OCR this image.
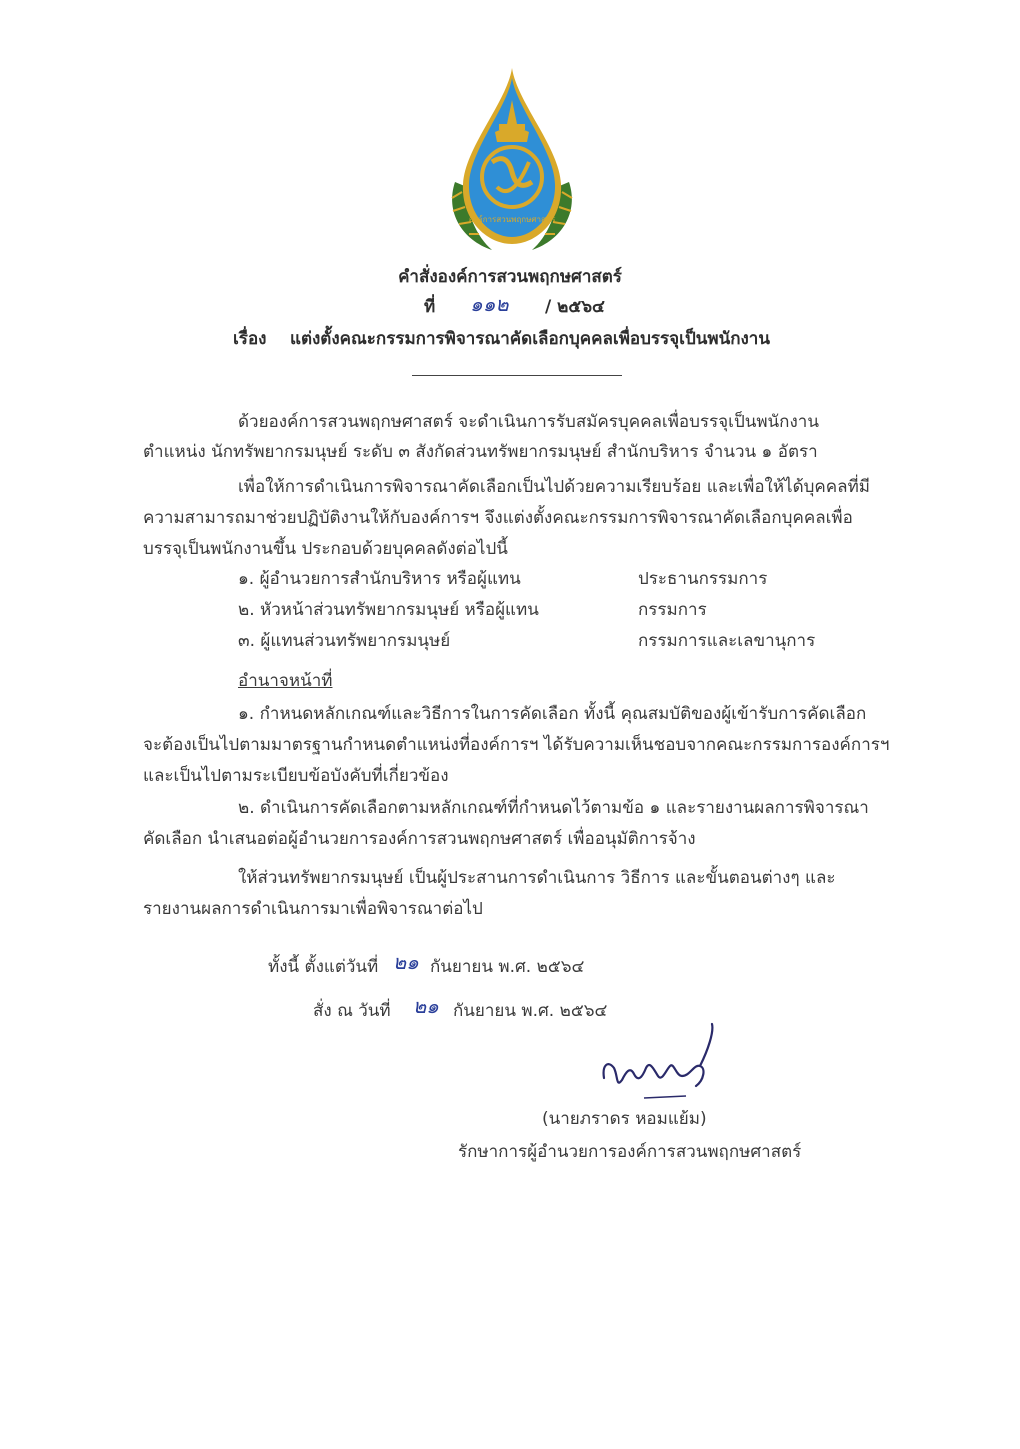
องค์การสวนพฤกษศาสตร์
คำสั่งองค์การสวนพฤกษศาสตร์
ที่ ๑๑๒ / ๒๕๖๔
เรื่อง แต่งตั้งคณะกรรมการพิจารณาคัดเลือกบุคคลเพื่อบรรจุเป็นพนักงาน
ด้วยองค์การสวนพฤกษศาสตร์ จะดำเนินการรับสมัครบุคคลเพื่อบรรจุเป็นพนักงาน
ตำแหน่ง นักทรัพยากรมนุษย์ ระดับ ๓ สังกัดส่วนทรัพยากรมนุษย์ สำนักบริหาร จำนวน ๑ อัตรา
เพื่อให้การดำเนินการพิจารณาคัดเลือกเป็นไปด้วยความเรียบร้อย และเพื่อให้ได้บุคคลที่มี
ความสามารถมาช่วยปฏิบัติงานให้กับองค์การฯ จึงแต่งตั้งคณะกรรมการพิจารณาคัดเลือกบุคคลเพื่อ
บรรจุเป็นพนักงานขึ้น ประกอบด้วยบุคคลดังต่อไปนี้
๑. ผู้อำนวยการสำนักบริหาร หรือผู้แทน	ประธานกรรมการ
๒. หัวหน้าส่วนทรัพยากรมนุษย์ หรือผู้แทน	กรรมการ
๓. ผู้แทนส่วนทรัพยากรมนุษย์	กรรมการและเลขานุการ
อำนาจหน้าที่
๑. กำหนดหลักเกณฑ์และวิธีการในการคัดเลือก ทั้งนี้ คุณสมบัติของผู้เข้ารับการคัดเลือก
จะต้องเป็นไปตามมาตรฐานกำหนดตำแหน่งที่องค์การฯ ได้รับความเห็นชอบจากคณะกรรมการองค์การฯ
และเป็นไปตามระเบียบข้อบังคับที่เกี่ยวข้อง
๒. ดำเนินการคัดเลือกตามหลักเกณฑ์ที่กำหนดไว้ตามข้อ ๑ และรายงานผลการพิจารณา
คัดเลือก นำเสนอต่อผู้อำนวยการองค์การสวนพฤกษศาสตร์ เพื่ออนุมัติการจ้าง
ให้ส่วนทรัพยากรมนุษย์ เป็นผู้ประสานการดำเนินการ วิธีการ และขั้นตอนต่างๆ และ
รายงานผลการดำเนินการมาเพื่อพิจารณาต่อไป
ทั้งนี้ ตั้งแต่วันที่ ๒๑ กันยายน พ.ศ. ๒๕๖๔
สั่ง ณ วันที่ ๒๑ กันยายน พ.ศ. ๒๕๖๔
(นายภราดร หอมแย้ม)
รักษาการผู้อำนวยการองค์การสวนพฤกษศาสตร์
